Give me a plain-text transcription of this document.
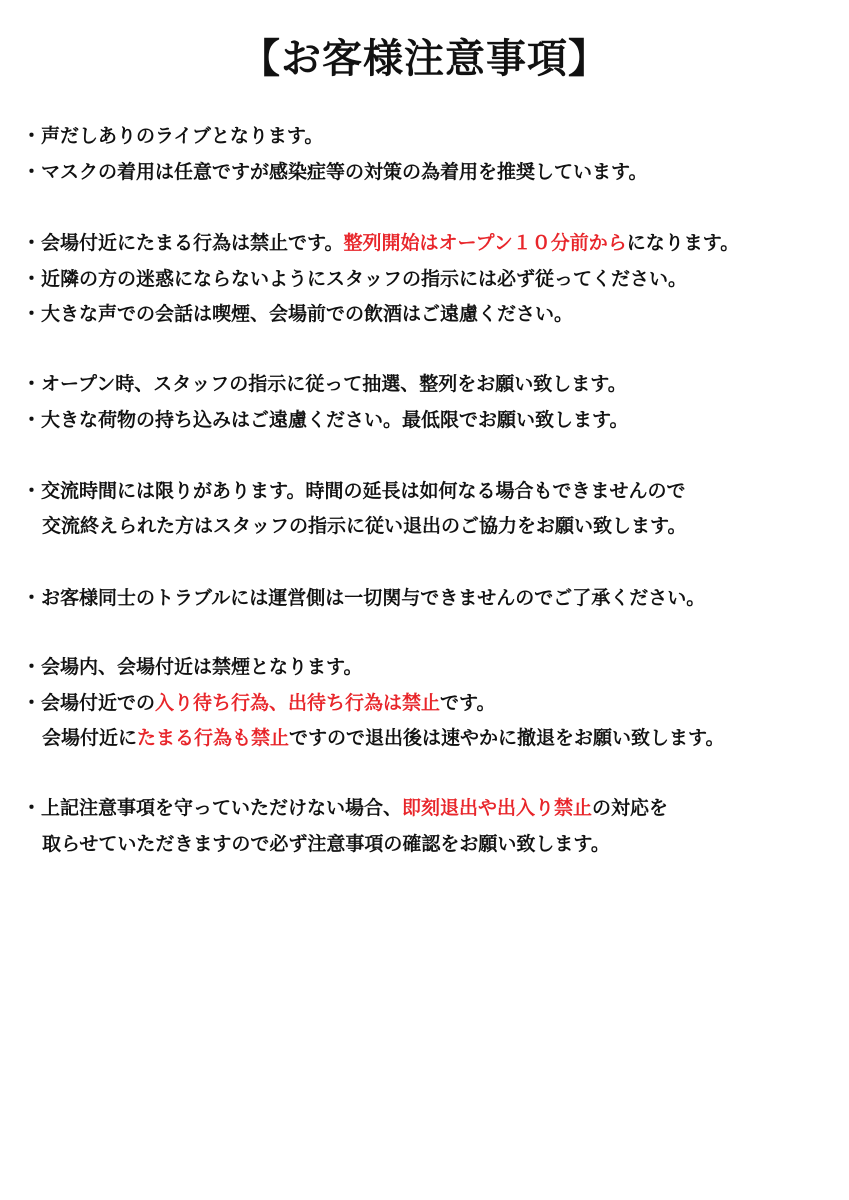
【お客様注意事項】
・声だしありのライブとなります。
・マスクの着用は任意ですが感染症等の対策の為着用を推奨しています。
・会場付近にたまる行為は禁止です。整列開始はオープン１０分前からになります。
・近隣の方の迷惑にならないようにスタッフの指示には必ず従ってください。
・大きな声での会話は喫煙、会場前での飲酒はご遠慮ください。
・オープン時、スタッフの指示に従って抽選、整列をお願い致します。
・大きな荷物の持ち込みはご遠慮ください。最低限でお願い致します。
・交流時間には限りがあります。時間の延長は如何なる場合もできませんので
交流終えられた方はスタッフの指示に従い退出のご協力をお願い致します。
・お客様同士のトラブルには運営側は一切関与できませんのでご了承ください。
・会場内、会場付近は禁煙となります。
・会場付近での入り待ち行為、出待ち行為は禁止です。
会場付近にたまる行為も禁止ですので退出後は速やかに撤退をお願い致します。
・上記注意事項を守っていただけない場合、即刻退出や出入り禁止の対応を
取らせていただきますので必ず注意事項の確認をお願い致します。
